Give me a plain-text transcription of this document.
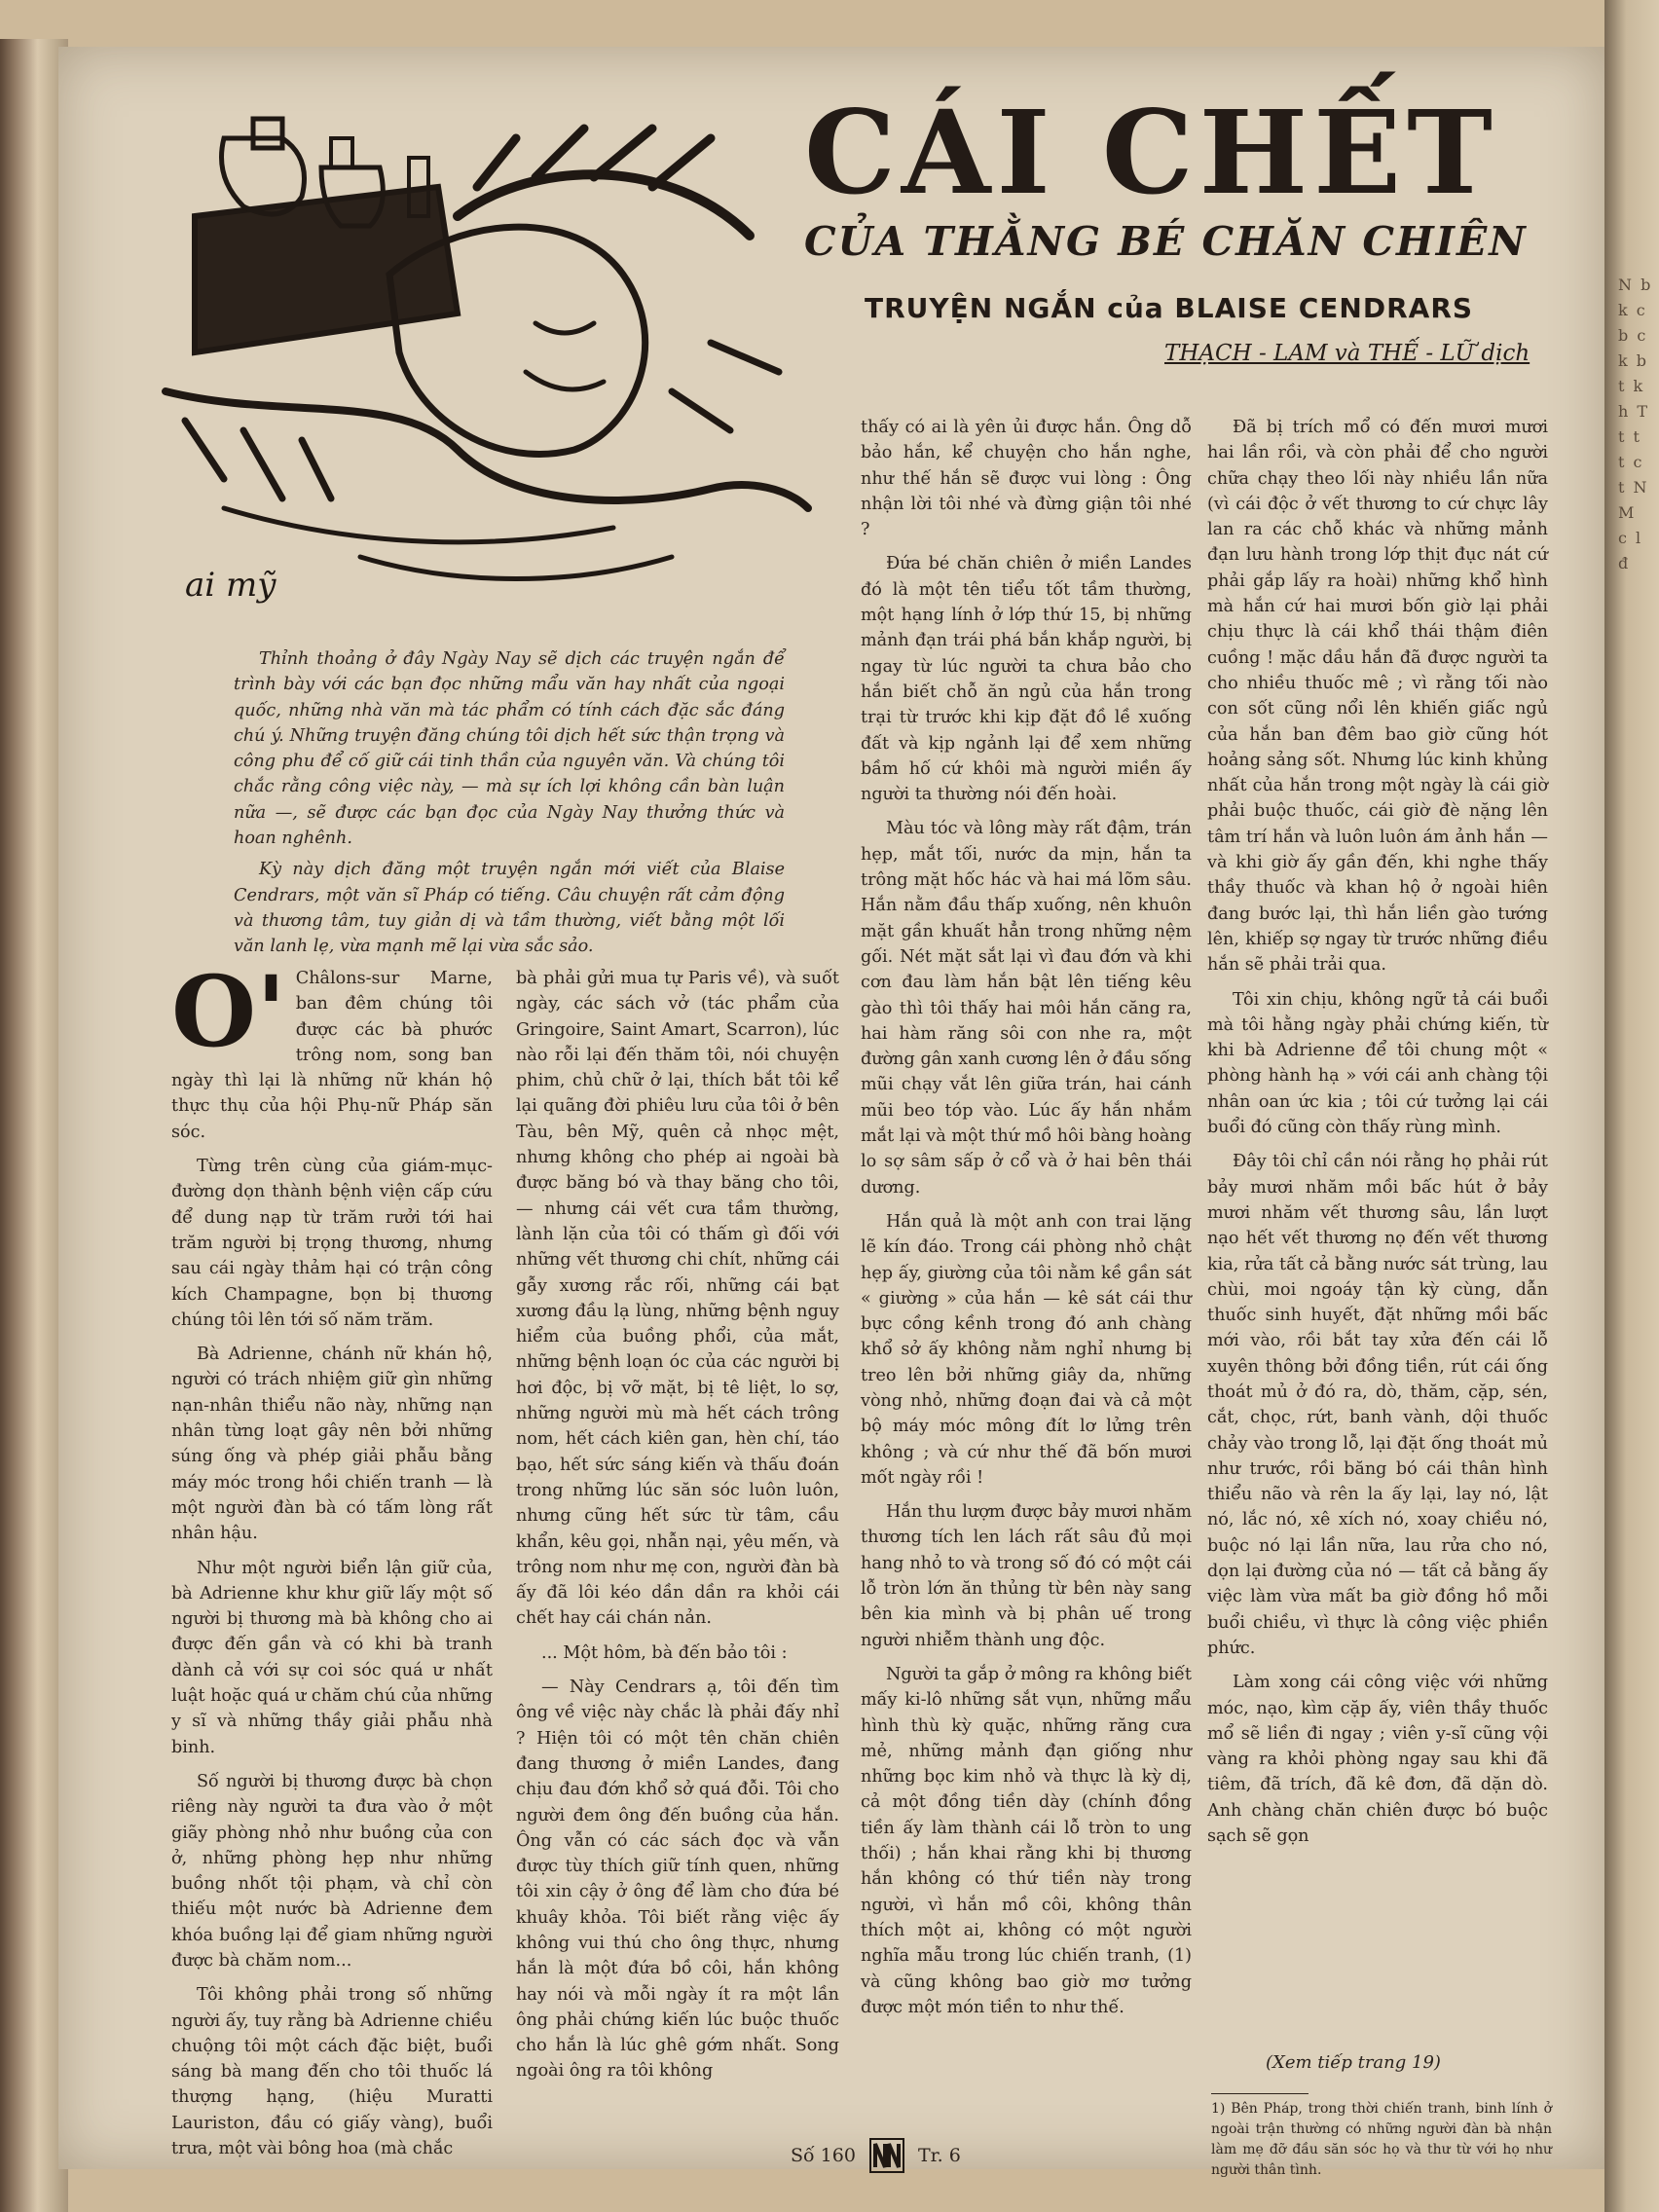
N b k c b c k b t k h T t t t c t N M c l đ
ai mỹ
CÁI CHẾT
CỦA THẰNG BÉ CHĂN CHIÊN
TRUYỆN NGẮN của BLAISE CENDRARS
THẠCH - LAM và THẾ - LỮ dịch

Thỉnh thoảng ở đây Ngày Nay sẽ dịch các truyện ngắn để trình bày với các bạn đọc những mẩu văn hay nhất của ngoại quốc, những nhà văn mà tác phẩm có tính cách đặc sắc đáng chú ý. Những truyện đăng chúng tôi dịch hết sức thận trọng và công phu để cố giữ cái tinh thần của nguyên văn. Và chúng tôi chắc rằng công việc này, — mà sự ích lợi không cần bàn luận nữa —, sẽ được các bạn đọc của Ngày Nay thưởng thức và hoan nghênh.

Kỳ này dịch đăng một truyện ngắn mới viết của Blaise Cendrars, một văn sĩ Pháp có tiếng. Câu chuyện rất cảm động và thương tâm, tuy giản dị và tầm thường, viết bằng một lối văn lanh lẹ, vừa mạnh mẽ lại vừa sắc sảo.

O' Châlons-sur Marne, ban đêm chúng tôi được các bà phước trông nom, song ban ngày thì lại là những nữ khán hộ thực thụ của hội Phụ-nữ Pháp săn sóc.

Từng trên cùng của giám-mục-đường dọn thành bệnh viện cấp cứu để dung nạp từ trăm rưởi tới hai trăm người bị trọng thương, nhưng sau cái ngày thảm hại có trận công kích Champagne, bọn bị thương chúng tôi lên tới số năm trăm.

Bà Adrienne, chánh nữ khán hộ, người có trách nhiệm giữ gìn những nạn-nhân thiểu não này, những nạn nhân từng loạt gây nên bởi những súng ống và phép giải phẫu bằng máy móc trong hồi chiến tranh — là một người đàn bà có tấm lòng rất nhân hậu.

Như một người biển lận giữ của, bà Adrienne khư khư giữ lấy một số người bị thương mà bà không cho ai được đến gần và có khi bà tranh dành cả với sự coi sóc quá ư nhất luật hoặc quá ư chăm chú của những y sĩ và những thầy giải phẫu nhà binh.

Số người bị thương được bà chọn riêng này người ta đưa vào ở một giãy phòng nhỏ như buồng của con ở, những phòng hẹp như những buồng nhốt tội phạm, và chỉ còn thiếu một nước bà Adrienne đem khóa buồng lại để giam những người được bà chăm nom...

Tôi không phải trong số những người ấy, tuy rằng bà Adrienne chiều chuộng tôi một cách đặc biệt, buổi sáng bà mang đến cho tôi thuốc lá thượng hạng, (hiệu Muratti Lauriston, đầu có giấy vàng), buổi trưa, một vài bông hoa (mà chắc

bà phải gửi mua tự Paris về), và suốt ngày, các sách vở (tác phẩm của Gringoire, Saint Amart, Scarron), lúc nào rỗi lại đến thăm tôi, nói chuyện phim, chủ chữ ở lại, thích bắt tôi kể lại quãng đời phiêu lưu của tôi ở bên Tàu, bên Mỹ, quên cả nhọc mệt, nhưng không cho phép ai ngoài bà được băng bó và thay băng cho tôi, — nhưng cái vết cưa tầm thường, lành lặn của tôi có thấm gì đối với những vết thương chi chít, những cái gẫy xương rắc rối, những cái bạt xương đầu lạ lùng, những bệnh nguy hiểm của buồng phổi, của mắt, những bệnh loạn óc của các người bị hơi độc, bị vỡ mặt, bị tê liệt, lo sợ, những người mù mà hết cách trông nom, hết cách kiên gan, hèn chí, táo bạo, hết sức sáng kiến và thấu đoán trong những lúc săn sóc luôn luôn, nhưng cũng hết sức từ tâm, cầu khẩn, kêu gọi, nhẫn nại, yêu mến, và trông nom như mẹ con, người đàn bà ấy đã lôi kéo dần dần ra khỏi cái chết hay cái chán nản.

... Một hôm, bà đến bảo tôi :

— Này Cendrars ạ, tôi đến tìm ông về việc này chắc là phải đấy nhỉ ? Hiện tôi có một tên chăn chiên đang thương ở miền Landes, đang chịu đau đớn khổ sở quá đỗi. Tôi cho người đem ông đến buồng của hắn. Ông vẫn có các sách đọc và vẫn được tùy thích giữ tính quen, những tôi xin cậy ở ông để làm cho đứa bé khuây khỏa. Tôi biết rằng việc ấy không vui thú cho ông thực, nhưng hắn là một đứa bồ côi, hắn không hay nói và mỗi ngày ít ra một lần ông phải chứng kiến lúc buộc thuốc cho hắn là lúc ghê gớm nhất. Song ngoài ông ra tôi không

thấy có ai là yên ủi được hắn. Ông dỗ bảo hắn, kể chuyện cho hắn nghe, như thế hắn sẽ được vui lòng : Ông nhận lời tôi nhé và đừng giận tôi nhé ?

Đứa bé chăn chiên ở miền Landes đó là một tên tiểu tốt tầm thường, một hạng lính ở lớp thứ 15, bị những mảnh đạn trái phá bắn khắp người, bị ngay từ lúc người ta chưa bảo cho hắn biết chỗ ăn ngủ của hắn trong trại từ trước khi kịp đặt đồ lề xuống đất và kịp ngảnh lại để xem những bầm hố cứ khôi mà người miền ấy người ta thường nói đến hoài.

Màu tóc và lông mày rất đậm, trán hẹp, mắt tối, nước da mịn, hắn ta trông mặt hốc hác và hai má lõm sâu. Hắn nằm đầu thấp xuống, nên khuôn mặt gần khuất hẳn trong những nệm gối. Nét mặt sắt lại vì đau đớn và khi cơn đau làm hắn bật lên tiếng kêu gào thì tôi thấy hai môi hắn căng ra, hai hàm răng sôi con nhe ra, một đường gân xanh cương lên ở đầu sống mũi chạy vắt lên giữa trán, hai cánh mũi beo tóp vào. Lúc ấy hắn nhắm mắt lại và một thứ mồ hôi bàng hoàng lo sợ sâm sấp ở cổ và ở hai bên thái dương.

Hắn quả là một anh con trai lặng lẽ kín đáo. Trong cái phòng nhỏ chật hẹp ấy, giường của tôi nằm kề gần sát « giường » của hắn — kê sát cái thư bực cồng kềnh trong đó anh chàng khổ sở ấy không nằm nghỉ nhưng bị treo lên bởi những giây da, những vòng nhỏ, những đoạn đai và cả một bộ máy móc mông đít lơ lửng trên không ; và cứ như thế đã bốn mươi mốt ngày rồi !

Hắn thu lượm được bảy mươi nhăm thương tích len lách rất sâu đủ mọi hang nhỏ to và trong số đó có một cái lỗ tròn lớn ăn thủng từ bên này sang bên kia mình và bị phân uế trong người nhiễm thành ung độc.

Người ta gắp ở mông ra không biết mấy ki-lô những sắt vụn, những mẩu hình thù kỳ quặc, những răng cưa mẻ, những mảnh đạn giống như những bọc kim nhỏ và thực là kỳ dị, cả một đồng tiền dày (chính đồng tiền ấy làm thành cái lỗ tròn to ung thối) ; hắn khai rằng khi bị thương hắn không có thứ tiền này trong người, vì hắn mồ côi, không thân thích một ai, không có một người nghĩa mẫu trong lúc chiến tranh, (1) và cũng không bao giờ mơ tưởng được một món tiền to như thế.

Đã bị trích mổ có đến mươi mươi hai lần rồi, và còn phải để cho người chữa chạy theo lối này nhiều lần nữa (vì cái độc ở vết thương to cứ chực lây lan ra các chỗ khác và những mảnh đạn lưu hành trong lớp thịt đục nát cứ phải gắp lấy ra hoài) những khổ hình mà hắn cứ hai mươi bốn giờ lại phải chịu thực là cái khổ thái thậm điên cuồng ! mặc dầu hắn đã được người ta cho nhiều thuốc mê ; vì rằng tối nào con sốt cũng nổi lên khiến giấc ngủ của hắn ban đêm bao giờ cũng hót hoảng sảng sốt. Nhưng lúc kinh khủng nhất của hắn trong một ngày là cái giờ phải buộc thuốc, cái giờ đè nặng lên tâm trí hắn và luôn luôn ám ảnh hắn — và khi giờ ấy gần đến, khi nghe thấy thầy thuốc và khan hộ ở ngoài hiên đang bước lại, thì hắn liền gào tướng lên, khiếp sợ ngay từ trước những điều hắn sẽ phải trải qua.

Tôi xin chịu, không ngữ tả cái buổi mà tôi hằng ngày phải chứng kiến, từ khi bà Adrienne để tôi chung một « phòng hành hạ » với cái anh chàng tội nhân oan ức kia ; tôi cứ tưởng lại cái buổi đó cũng còn thấy rùng mình.

Đây tôi chỉ cần nói rằng họ phải rút bảy mươi nhăm mồi bấc hút ở bảy mươi nhăm vết thương sâu, lần lượt nạo hết vết thương nọ đến vết thương kia, rửa tất cả bằng nước sát trùng, lau chùi, moi ngoáy tận kỳ cùng, dẫn thuốc sinh huyết, đặt những mồi bấc mới vào, rồi bắt tay xửa đến cái lỗ xuyên thông bởi đồng tiền, rút cái ống thoát mủ ở đó ra, dò, thăm, cặp, sén, cắt, chọc, rứt, banh vành, dội thuốc chảy vào trong lỗ, lại đặt ống thoát mủ như trước, rồi băng bó cái thân hình thiểu não và rên la ấy lại, lay nó, lật nó, lắc nó, xê xích nó, xoay chiều nó, buộc nó lại lần nữa, lau rửa cho nó, dọn lại đường của nó — tất cả bằng ấy việc làm vừa mất ba giờ đồng hồ mỗi buổi chiều, vì thực là công việc phiền phức.

Làm xong cái công việc với những móc, nạo, kìm cặp ấy, viên thầy thuốc mổ sẽ liền đi ngay ; viên y-sĩ cũng vội vàng ra khỏi phòng ngay sau khi đã tiêm, đã trích, đã kê đơn, đã dặn dò. Anh chàng chăn chiên được bó buộc sạch sẽ gọn

(Xem tiếp trang 19)
1) Bên Pháp, trong thời chiến tranh, binh lính ở ngoài trận thường có những người đàn bà nhận làm mẹ đỡ đầu săn sóc họ và thư từ với họ như người thân tình.
Số 160	Tr. 6
